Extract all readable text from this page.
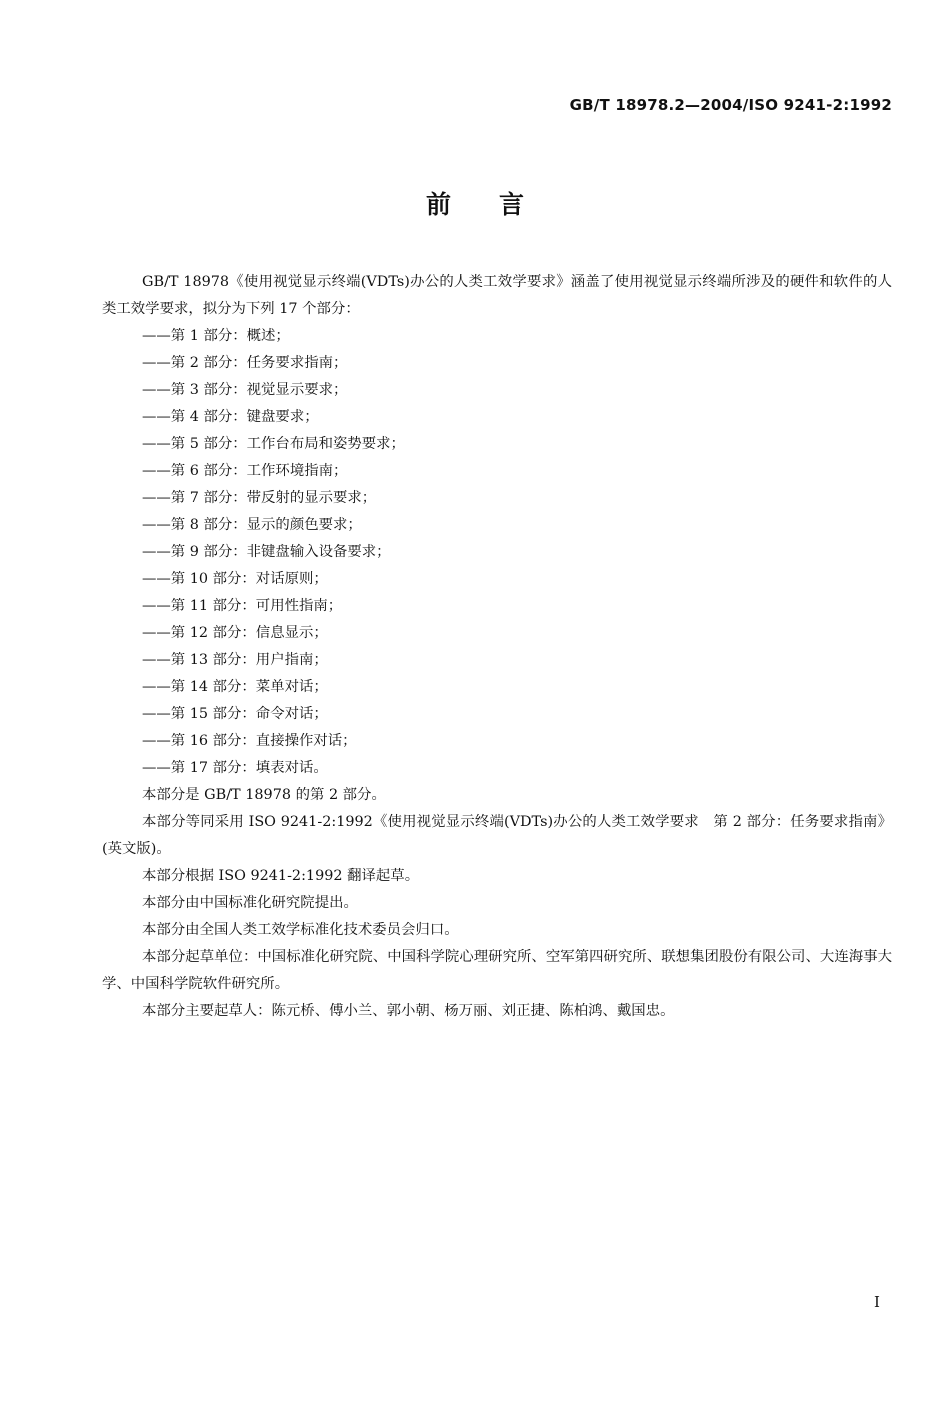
GB/T 18978.2—2004/ISO 9241-2:1992
前言

GB/T 18978《使用视觉显示终端(VDTs)办公的人类工效学要求》涵盖了使用视觉显示终端所涉及的硬件和软件的人类工效学要求，拟分为下列 17 个部分：

——第 1 部分：概述；

——第 2 部分：任务要求指南；

——第 3 部分：视觉显示要求；

——第 4 部分：键盘要求；

——第 5 部分：工作台布局和姿势要求；

——第 6 部分：工作环境指南；

——第 7 部分：带反射的显示要求；

——第 8 部分：显示的颜色要求；

——第 9 部分：非键盘输入设备要求；

——第 10 部分：对话原则；

——第 11 部分：可用性指南；

——第 12 部分：信息显示；

——第 13 部分：用户指南；

——第 14 部分：菜单对话；

——第 15 部分：命令对话；

——第 16 部分：直接操作对话；

——第 17 部分：填表对话。

本部分是 GB/T 18978 的第 2 部分。

本部分等同采用 ISO 9241-2:1992《使用视觉显示终端(VDTs)办公的人类工效学要求　第 2 部分：任务要求指南》(英文版)。

本部分根据 ISO 9241-2:1992 翻译起草。

本部分由中国标准化研究院提出。

本部分由全国人类工效学标准化技术委员会归口。

本部分起草单位：中国标准化研究院、中国科学院心理研究所、空军第四研究所、联想集团股份有限公司、大连海事大学、中国科学院软件研究所。

本部分主要起草人：陈元桥、傅小兰、郭小朝、杨万丽、刘正捷、陈柏鸿、戴国忠。

I
